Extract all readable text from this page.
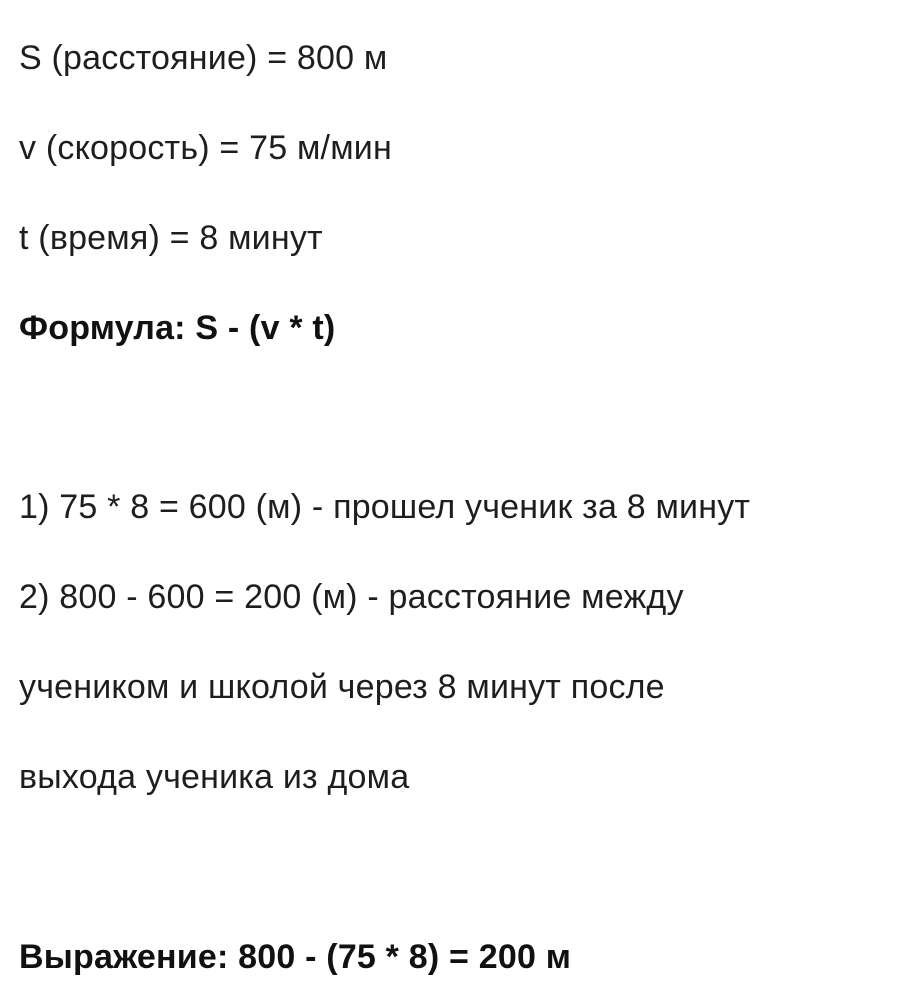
S (расстояние) = 800 м
v (скорость) = 75 м/мин
t (время) = 8 минут
Формула: S - (v * t)
1) 75 * 8 = 600 (м) - прошел ученик за 8 минут
2) 800 - 600 = 200 (м) - расстояние между
учеником и школой через 8 минут после
выхода ученика из дома
Выражение: 800 - (75 * 8) = 200 м
